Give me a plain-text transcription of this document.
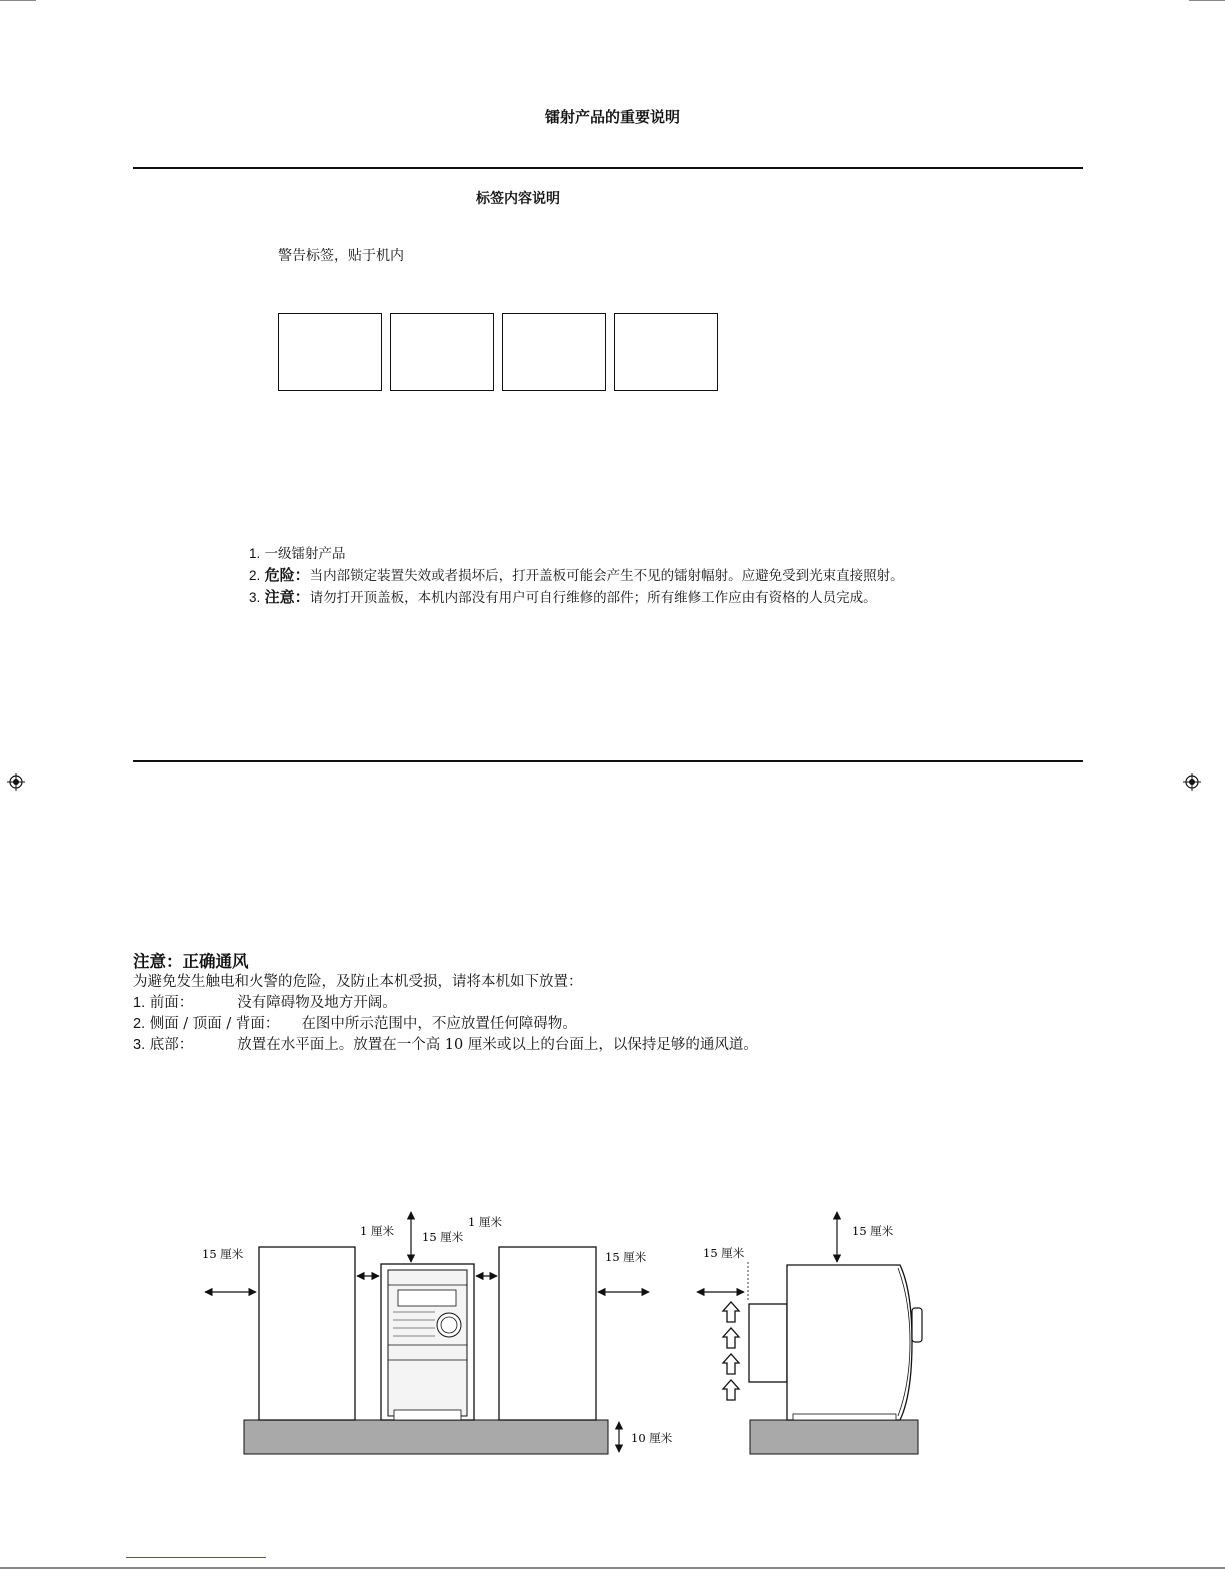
镭射产品的重要说明
标签内容说明
警告标签，贴于机内
1. 一级镭射产品
2. 危险：当内部锁定装置失效或者损坏后，打开盖板可能会产生不见的镭射幅射。应避免受到光束直接照射。
3. 注意：请勿打开顶盖板，本机内部没有用户可自行维修的部件；所有维修工作应由有资格的人员完成。
注意：正确通风
为避免发生触电和火警的危险，及防止本机受损，请将本机如下放置：
1. 前面：	没有障碍物及地方开阔。
2. 侧面 / 顶面 / 背面： 在图中所示范围中，不应放置任何障碍物。
3. 底部：	放置在水平面上。放置在一个高 10 厘米或以上的台面上，以保持足够的通风道。
15 厘米
1 厘米 15 厘米
1 厘米
15 厘米
10 厘米
15 厘米
15 厘米
